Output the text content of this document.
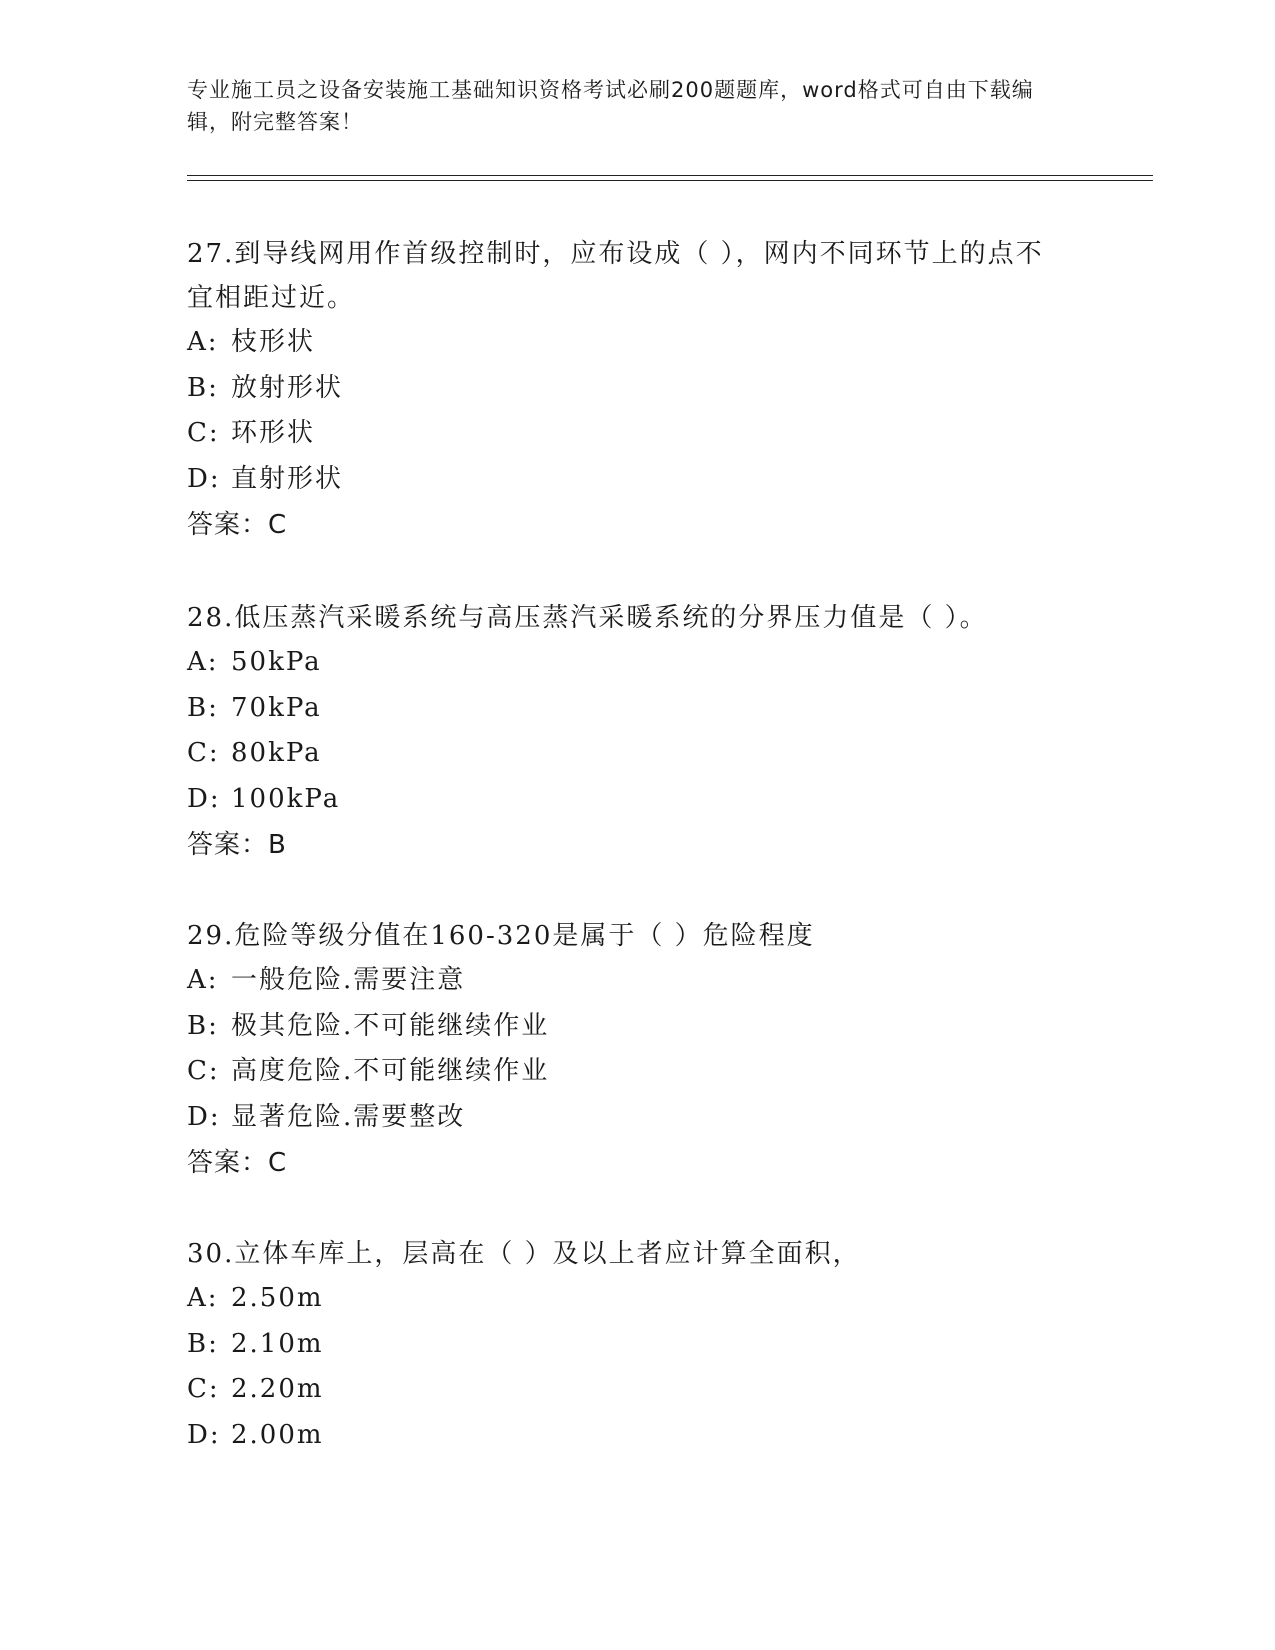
专业施工员之设备安装施工基础知识资格考试必刷200题题库，word格式可自由下载编辑，附完整答案！
27.到导线网用作首级控制时，应布设成（ ），网内不同环节上的点不宜相距过近。
A: 枝形状
B: 放射形状
C: 环形状
D: 直射形状
答案：C
28.低压蒸汽采暖系统与高压蒸汽采暖系统的分界压力值是（ ）。
A: 50kPa
B: 70kPa
C: 80kPa
D: 100kPa
答案：B
29.危险等级分值在160-320是属于（ ）危险程度
A: 一般危险.需要注意
B: 极其危险.不可能继续作业
C: 高度危险.不可能继续作业
D: 显著危险.需要整改
答案：C
30.立体车库上，层高在（ ）及以上者应计算全面积，
A: 2.50m
B: 2.10m
C: 2.20m
D: 2.00m
